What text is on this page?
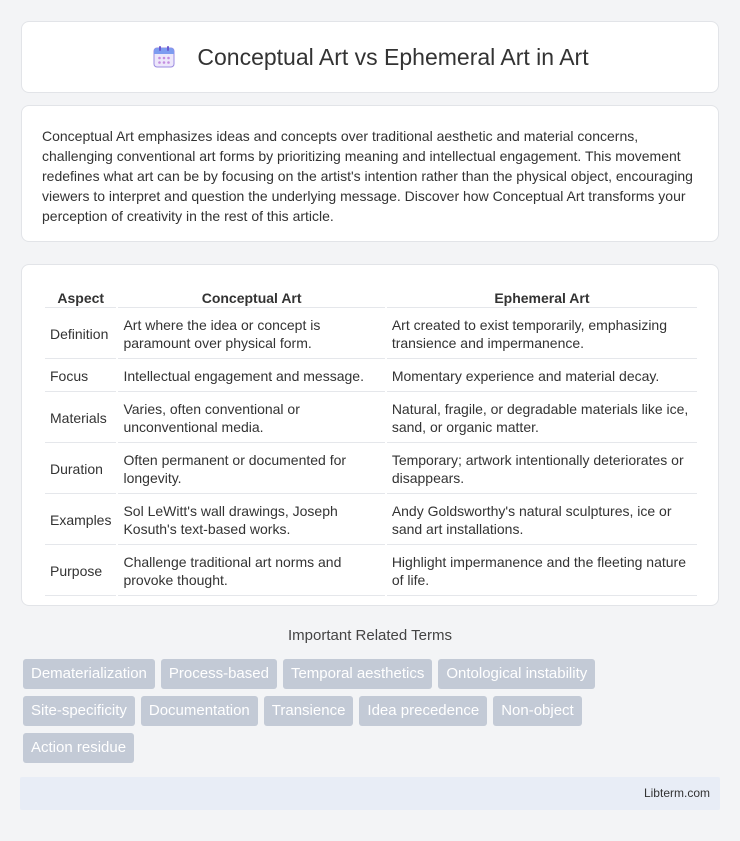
Conceptual Art vs Ephemeral Art in Art

Conceptual Art emphasizes ideas and concepts over traditional aesthetic and material concerns, challenging conventional art forms by prioritizing meaning and intellectual engagement. This movement redefines what art can be by focusing on the artist's intention rather than the physical object, encouraging viewers to interpret and question the underlying message. Discover how Conceptual Art transforms your perception of creativity in the rest of this article.

Aspect	Conceptual Art	Ephemeral Art
Definition	Art where the idea or concept is paramount over physical form.	Art created to exist temporarily, emphasizing transience and impermanence.
Focus	Intellectual engagement and message.	Momentary experience and material decay.
Materials	Varies, often conventional or unconventional media.	Natural, fragile, or degradable materials like ice, sand, or organic matter.
Duration	Often permanent or documented for longevity.	Temporary; artwork intentionally deteriorates or disappears.
Examples	Sol LeWitt's wall drawings, Joseph Kosuth's text-based works.	Andy Goldsworthy's natural sculptures, ice or sand art installations.
Purpose	Challenge traditional art norms and provoke thought.	Highlight impermanence and the fleeting nature of life.
Important Related Terms
Dematerialization	Process-based	Temporal aesthetics	Ontological instability
Site-specificity	Documentation	Transience	Idea precedence	Non-object
Action residue
Libterm.com
